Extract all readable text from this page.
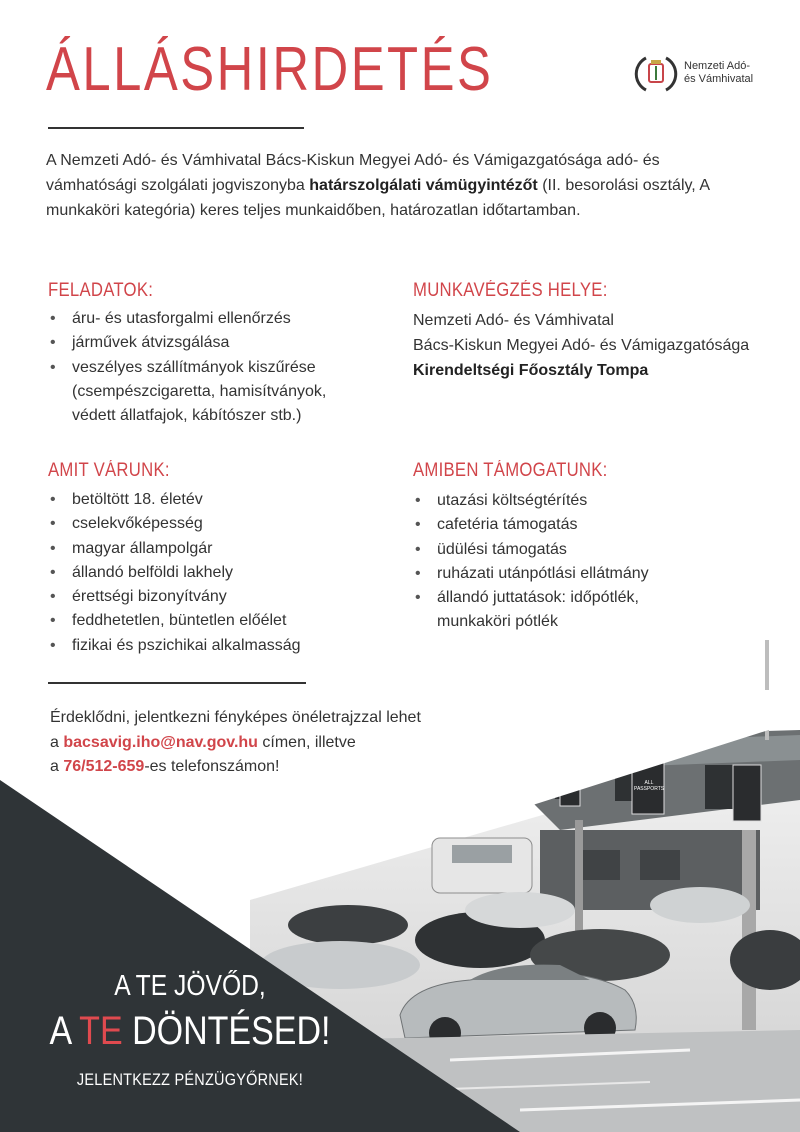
ÁLLÁSHIRDETÉS	Nemzeti Adó-
és Vámhivatal
A Nemzeti Adó- és Vámhivatal Bács-Kiskun Megyei Adó- és Vámigazgatósága adó- és vámhatósági szolgálati jogviszonyba határszolgálati vámügyintézőt (II. besorolási osztály, A munkaköri kategória) keres teljes munkaidőben, határozatlan időtartamban.
FELADATOK:
• áru- és utasforgalmi ellenőrzés
• járművek átvizsgálása
• veszélyes szállítmányok kiszűrése (csempészcigaretta, hamisítványok, védett állatfajok, kábítószer stb.)
MUNKAVÉGZÉS HELYE:
Nemzeti Adó- és Vámhivatal
Bács-Kiskun Megyei Adó- és Vámigazgatósága
Kirendeltségi Főosztály Tompa
AMIT VÁRUNK:
• betöltött 18. életév
• cselekvőképesség
• magyar állampolgár
• állandó belföldi lakhely
• érettségi bizonyítvány
• feddhetetlen, büntetlen előélet
• fizikai és pszichikai alkalmasság
AMIBEN TÁMOGATUNK:
• utazási költségtérítés
• cafetéria támogatás
• üdülési támogatás
• ruházati utánpótlási ellátmány
• állandó juttatások: időpótlék, munkaköri pótlék
ALL PASSPORTS
Érdeklődni, jelentkezni fényképes önéletrajzzal lehet
a bacsavig.iho@nav.gov.hu címen, illetve
a 76/512-659-es telefonszámon!
A TE JÖVŐD,
A TE DÖNTÉSED!
JELENTKEZZ PÉNZÜGYŐRNEK!
